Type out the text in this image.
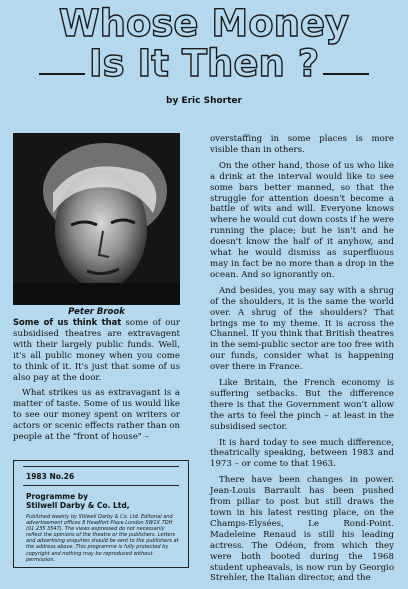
Whose Money
Is It Then ?
by Eric Shorter
Peter Brook

Some of us think that some of our subsidised theatres are extravagent with their largely public funds. Well, it's all public money when you come to think of it. It's just that some of us also pay at the door.

What strikes us as extravagant is a matter of taste. Some of us would like to see our money spent on writers or actors or scenic effects rather than on people at the "front of house" –

1983 No.26
Programme by
Stilwell Darby & Co. Ltd,
Published weekly by Stilwell Darby & Co. Ltd. Editorial and advertisement offices 8 Headfort Place London SW1X 7DH (01 235 3547). The views expressed do not necessarily reflect the opinions of the theatre or the publishers. Letters and advertising enquiries should be sent to the publishers at the address above. This programme is fully protected by copyright and nothing may be reproduced without permission.

overstaffing in some places is more visible than in others.

On the other hand, those of us who like a drink at the interval would like to see some bars better manned, so that the struggle for attention doesn't become a battle of wits and will. Everyone knows where he would cut down costs if he were running the place; but he isn't and he doesn't know the half of it anyhow, and what he would dismiss as superfluous may in fact be no more than a drop in the ocean. And so ignorantly on.

And besides, you may say with a shrug of the shoulders, it is the same the world over. A shrug of the shoulders? That brings me to my theme. It is across the Channel. If you think that British theatres in the semi-public sector are too free with our funds, consider what is happening over there in France.

Like Britain, the French economy is suffering setbacks. But the difference there is that the Government won't allow the arts to feel the pinch – at least in the subsidised sector.

It is hard today to see much difference, theatrically speaking, between 1983 and 1973 – or come to that 1963.

There have been changes in power. Jean-Louis Barrault has been pushed from pillar to post but still draws the town in his latest resting place, on the Champs-Elysées, Le Rond-Point. Madeleine Renaud is still his leading actress. The Odéon, from which they were both booted during the 1968 student upheavals, is now run by Georgio Strehler, the Italian director, and the
